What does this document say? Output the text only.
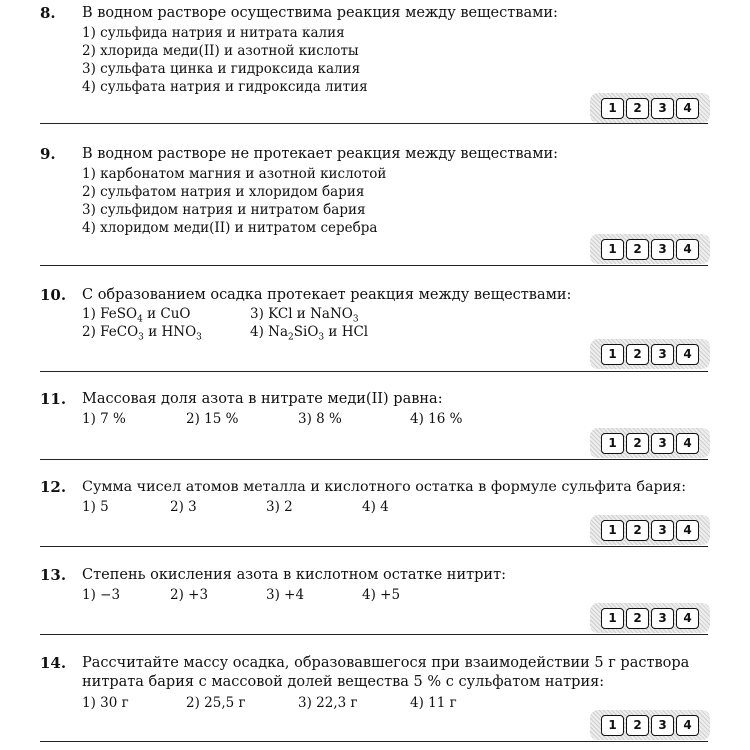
8. В водном растворе осуществима реакция между веществами:
1) сульфида натрия и нитрата калия
2) хлорида меди(II) и азотной кислоты
3) сульфата цинка и гидроксида калия
4) сульфата натрия и гидроксида лития
1	2	3	4
9. В водном растворе не протекает реакция между веществами:
1) карбонатом магния и азотной кислотой
2) сульфатом натрия и хлоридом бария
3) сульфидом натрия и нитратом бария
4) хлоридом меди(II) и нитратом серебра
1	2	3	4
10. С образованием осадка протекает реакция между веществами:
1) FeSO$_4$ и CuO	3) KCl и NaNO$_3$
2) FeCO$_3$ и $HNO_3$	4) $Na_2SiO_3$ и HCl
1	2	3	4
11. Массовая доля азота в нитрате меди(II) равна:
1) 7 %	2) 15 %	3) 8 %	4) 16 %
1	2	3	4
12. Сумма чисел атомов металла и кислотного остатка в формуле сульфита бария:
1) 5	2) 3	3) 2	4) 4
1	2	3	4
13. Степень окисления азота в кислотном остатке нитрит:
1) −3	2) +3	3) +4	4) +5
1	2	3	4
14. Рассчитайте массу осадка, образовавшегося при взаимодействии 5 г раствора нитрата бария с массовой долей вещества 5 % с сульфатом натрия:
1) 30 г	2) 25,5 г	3) 22,3 г	4) 11 г
1	2	3	4
